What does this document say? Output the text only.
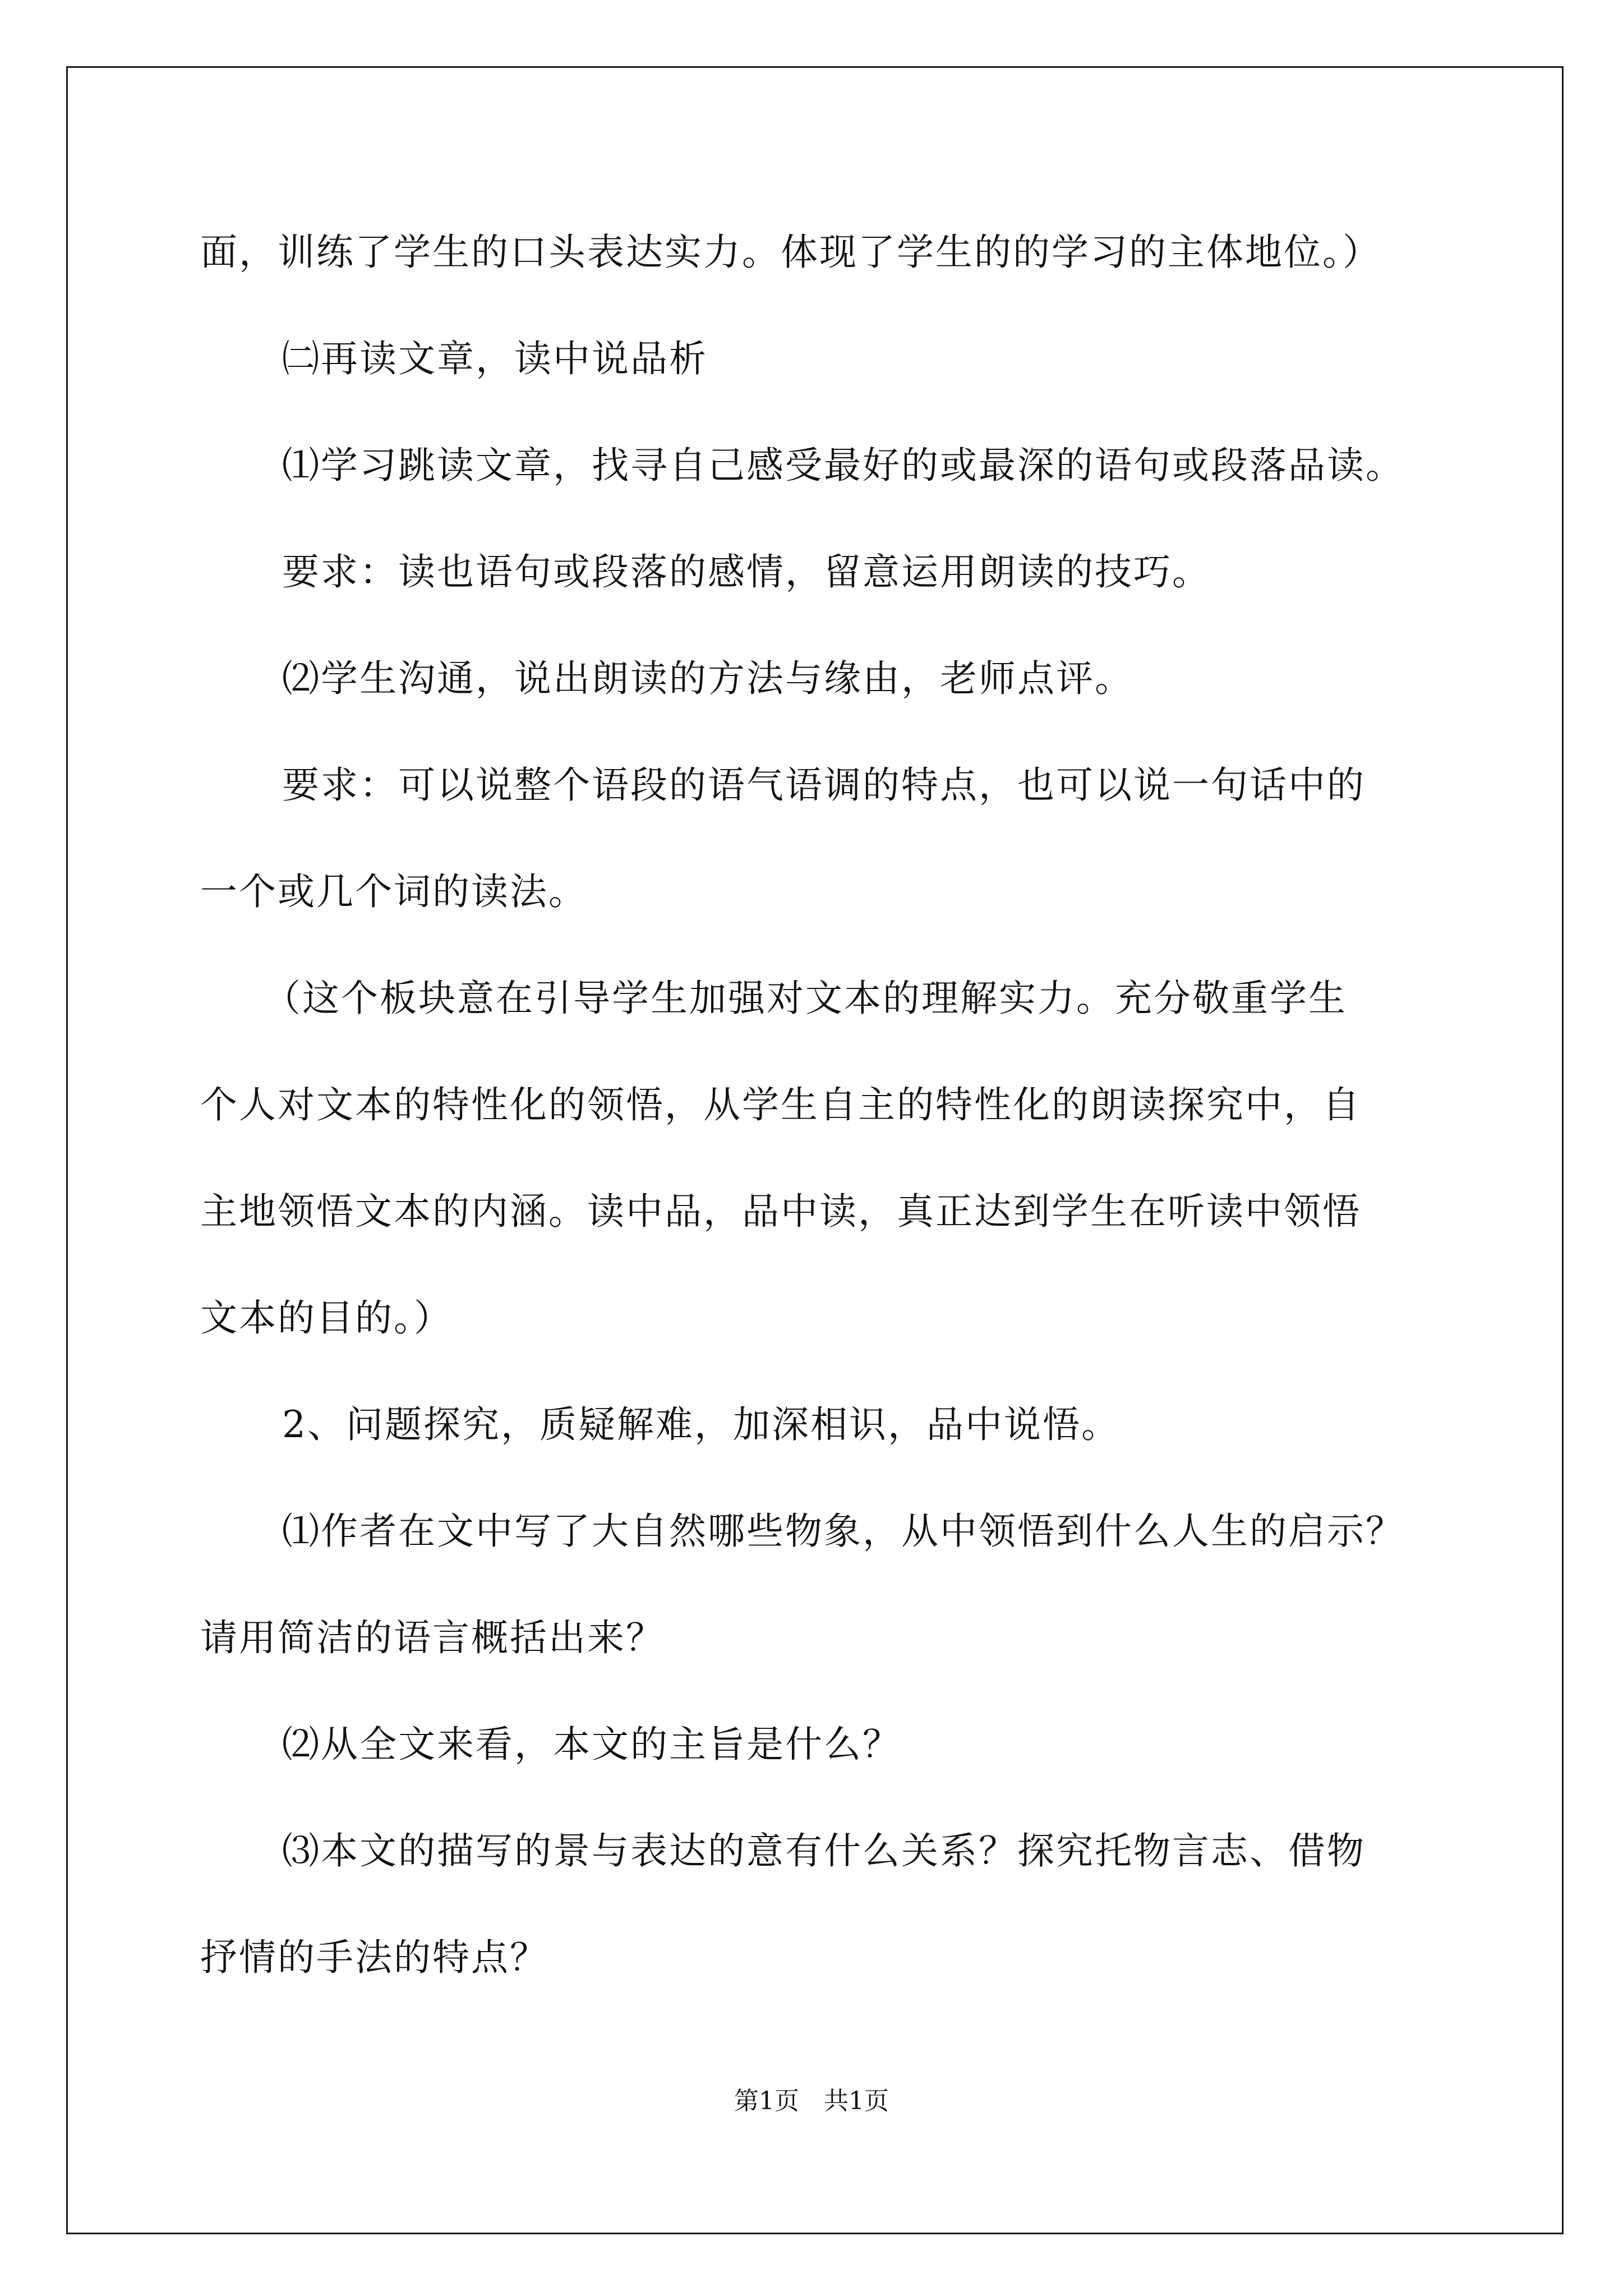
面，训练了学生的口头表达实力。体现了学生的的学习的主体地位。）
㈡再读文章，读中说品析
⑴学习跳读文章，找寻自己感受最好的或最深的语句或段落品读。
要求：读也语句或段落的感情，留意运用朗读的技巧。
⑵学生沟通，说出朗读的方法与缘由，老师点评。
要求：可以说整个语段的语气语调的特点，也可以说一句话中的
一个或几个词的读法。
（这个板块意在引导学生加强对文本的理解实力。充分敬重学生
个人对文本的特性化的领悟，从学生自主的特性化的朗读探究中，自
主地领悟文本的内涵。读中品，品中读，真正达到学生在听读中领悟
文本的目的。）
2、问题探究，质疑解难，加深相识，品中说悟。
⑴作者在文中写了大自然哪些物象，从中领悟到什么人生的启示？
请用简洁的语言概括出来？
⑵从全文来看，本文的主旨是什么？
⑶本文的描写的景与表达的意有什么关系？探究托物言志、借物
抒情的手法的特点？
第1页　共1页
